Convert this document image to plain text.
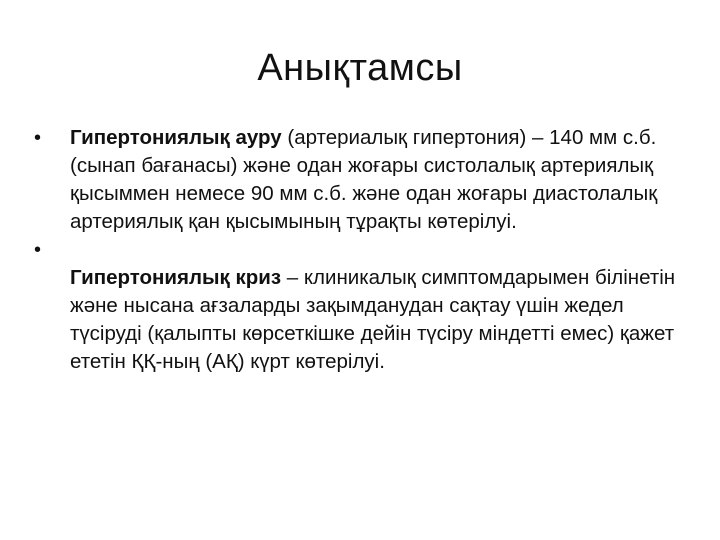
Анықтамсы
•	Гипертониялық ауру (артериалық гипертония) – 140 мм с.б. (сынап бағанасы) және одан жоғары систолалық артериялық қысыммен немесе 90 мм с.б. және одан жоғары диастолалық артериялық қан қысымының тұрақты көтерілуі.
•
Гипертониялық криз – клиникалық симптомдарымен білінетін және нысана ағзаларды зақымданудан сақтау үшін жедел түсіруді (қалыпты көрсеткішке дейін түсіру міндетті емес) қажет ететін ҚҚ-ның (АҚ) күрт көтерілуі.
